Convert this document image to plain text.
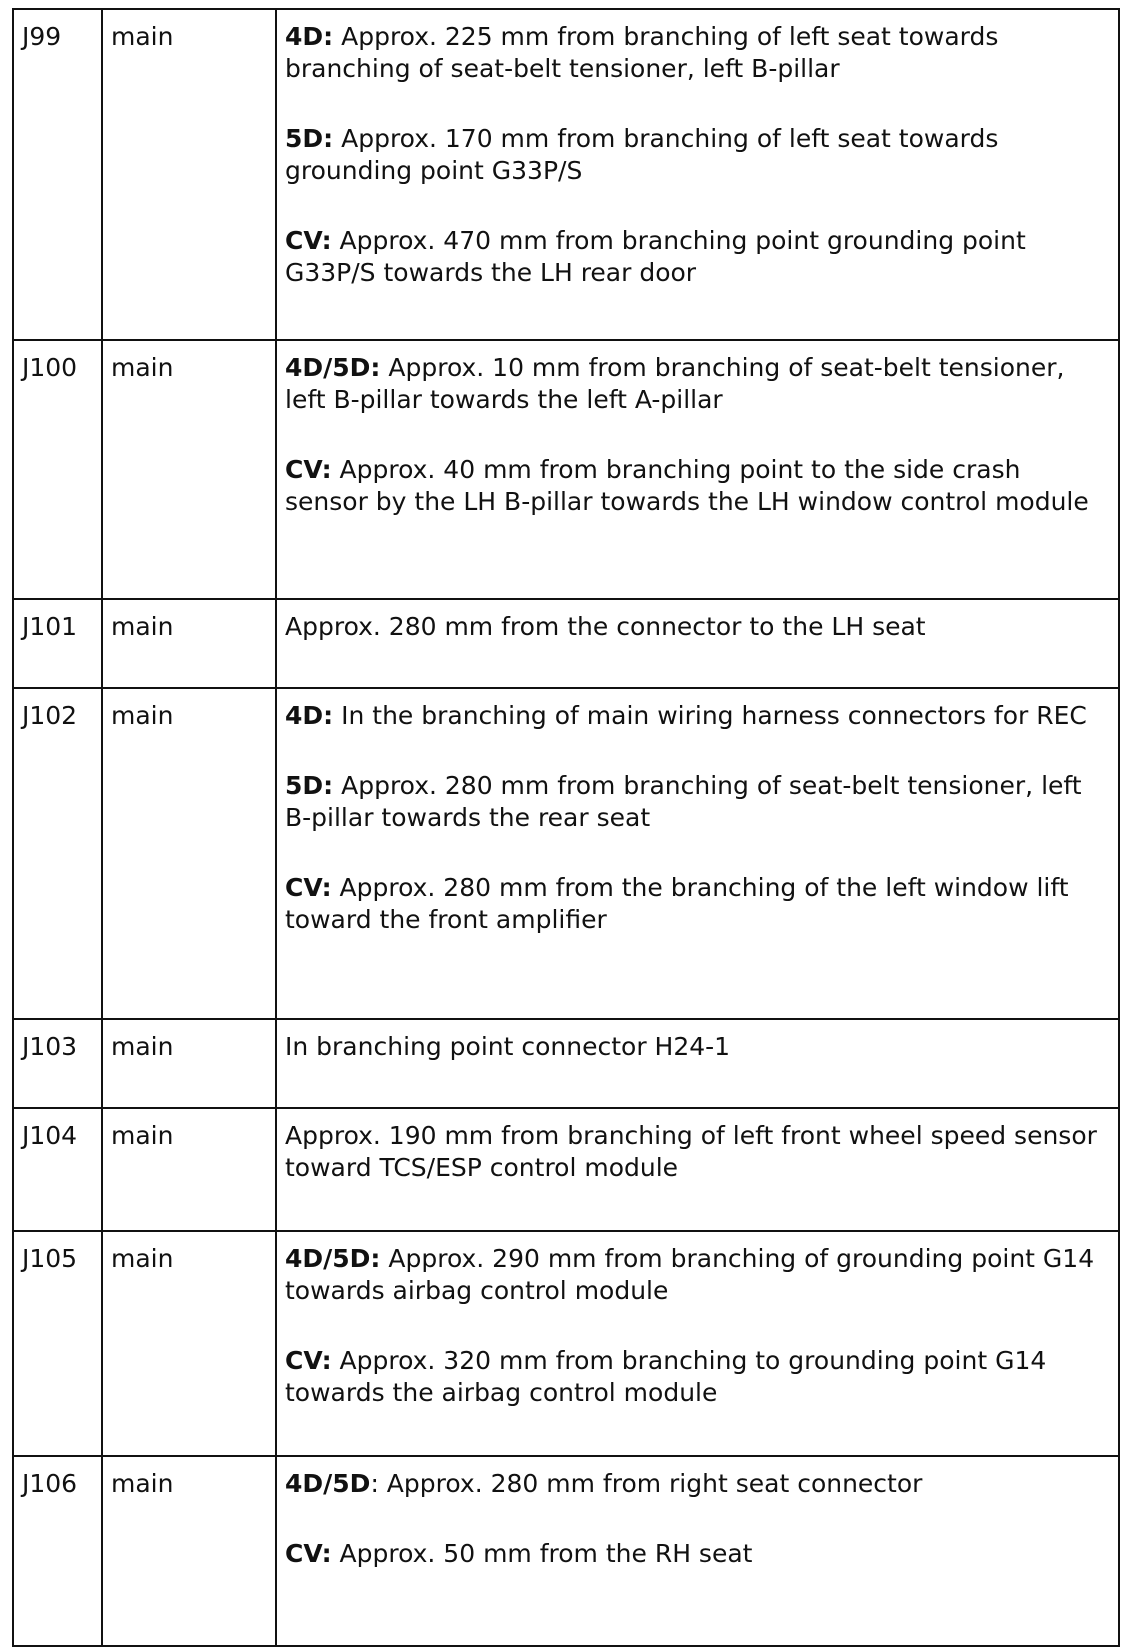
J99	main	4D: Approx. 225 mm from branching of left seat towards branching of seat-belt tensioner, left B-pillar
5D: Approx. 170 mm from branching of left seat towards grounding point G33P/S
CV: Approx. 470 mm from branching point grounding point G33P/S towards the LH rear door

J100	main	4D/5D: Approx. 10 mm from branching of seat-belt tensioner, left B-pillar towards the left A-pillar
CV: Approx. 40 mm from branching point to the side crash sensor by the LH B-pillar towards the LH window control module

J101	main	Approx. 280 mm from the connector to the LH seat

J102	main	4D: In the branching of main wiring harness connectors for REC
5D: Approx. 280 mm from branching of seat-belt tensioner, left B-pillar towards the rear seat
CV: Approx. 280 mm from the branching of the left window lift toward the front amplifier

J103	main	In branching point connector H24-1

J104	main	Approx. 190 mm from branching of left front wheel speed sensor toward TCS/ESP control module

J105	main	4D/5D: Approx. 290 mm from branching of grounding point G14 towards airbag control module
CV: Approx. 320 mm from branching to grounding point G14 towards the airbag control module

J106	main	4D/5D: Approx. 280 mm from right seat connector
CV: Approx. 50 mm from the RH seat
